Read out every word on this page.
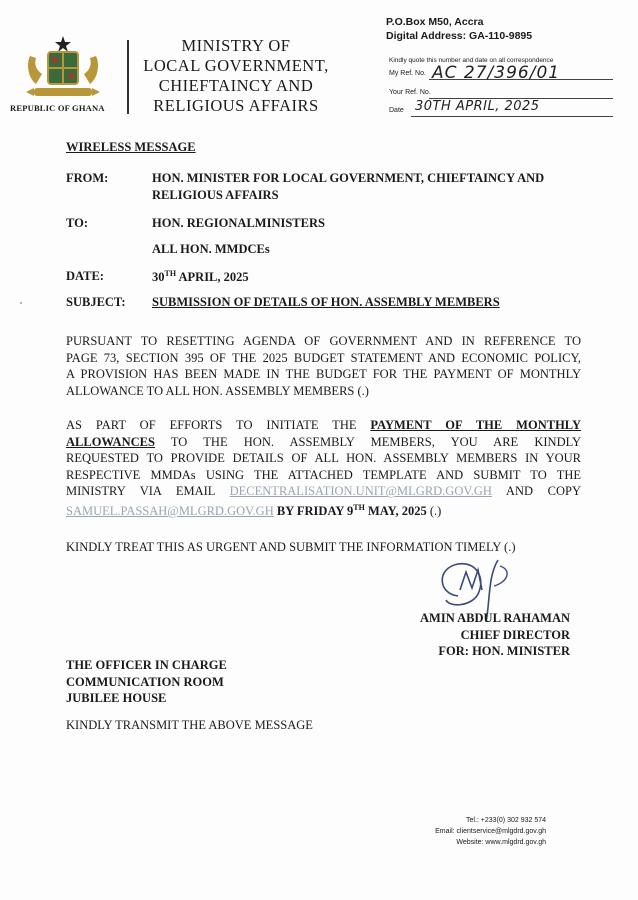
REPUBLIC OF GHANA
MINISTRY OF
LOCAL GOVERNMENT,
CHIEFTAINCY AND
RELIGIOUS AFFAIRS
P.O.Box M50, Accra
Digital Address: GA-110-9895
Kindly quote this number and date on all correspondence
My Ref. No. AC 27/396/01
Your Ref. No.
Date 30TH APRIL, 2025
WIRELESS MESSAGE
FROM:	HON. MINISTER FOR LOCAL GOVERNMENT, CHIEFTAINCY AND
RELIGIOUS AFFAIRS
TO:	HON. REGIONALMINISTERS
ALL HON. MMDCEs
DATE:	30TH APRIL, 2025
SUBJECT: SUBMISSION OF DETAILS OF HON. ASSEMBLY MEMBERS
PURSUANT TO RESETTING AGENDA OF GOVERNMENT AND IN REFERENCE TO
PAGE 73, SECTION 395 OF THE 2025 BUDGET STATEMENT AND ECONOMIC POLICY,
A PROVISION HAS BEEN MADE IN THE BUDGET FOR THE PAYMENT OF MONTHLY
ALLOWANCE TO ALL HON. ASSEMBLY MEMBERS (.)
AS PART OF EFFORTS TO INITIATE THE PAYMENT OF THE MONTHLY
ALLOWANCES TO THE HON. ASSEMBLY MEMBERS, YOU ARE KINDLY
REQUESTED TO PROVIDE DETAILS OF ALL HON. ASSEMBLY MEMBERS IN YOUR
RESPECTIVE MMDAs USING THE ATTACHED TEMPLATE AND SUBMIT TO THE
MINISTRY VIA EMAIL DECENTRALISATION.UNIT@MLGRD.GOV.GH AND COPY
SAMUEL.PASSAH@MLGRD.GOV.GH BY FRIDAY 9TH MAY, 2025 (.)
KINDLY TREAT THIS AS URGENT AND SUBMIT THE INFORMATION TIMELY (.)
AMIN ABDUL RAHAMAN
CHIEF DIRECTOR
FOR: HON. MINISTER
THE OFFICER IN CHARGE
COMMUNICATION ROOM
JUBILEE HOUSE
KINDLY TRANSMIT THE ABOVE MESSAGE
Tel.: +233(0) 302 932 574
Email: clientservice@mlgdrd.gov.gh
Website: www.mlgdrd.gov.gh
